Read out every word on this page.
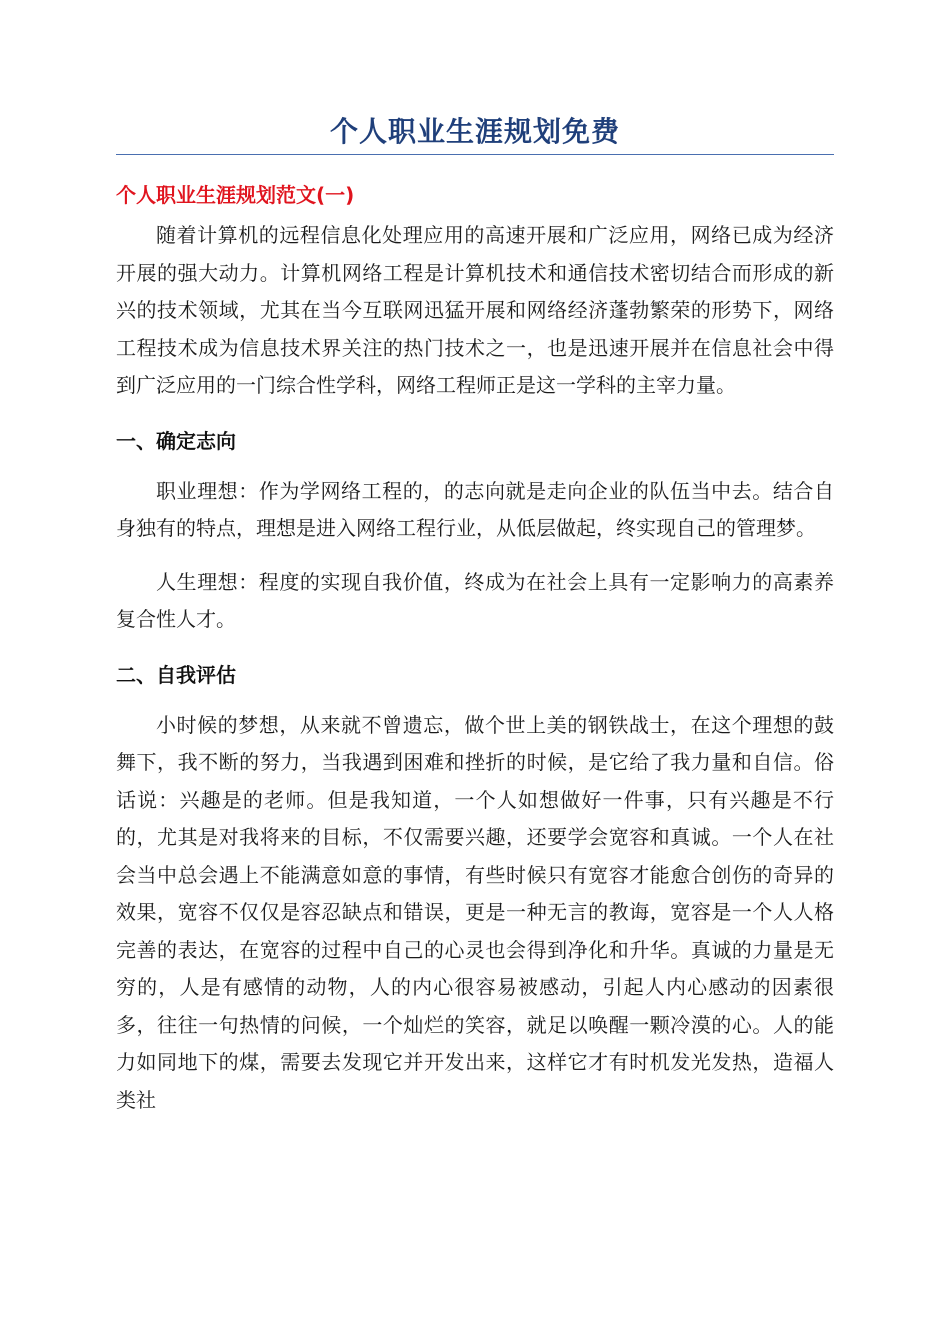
个人职业生涯规划免费
个人职业生涯规划范文(一)

随着计算机的远程信息化处理应用的高速开展和广泛应用，网络已成为经济开展的强大动力。计算机网络工程是计算机技术和通信技术密切结合而形成的新兴的技术领域，尤其在当今互联网迅猛开展和网络经济蓬勃繁荣的形势下，网络工程技术成为信息技术界关注的热门技术之一，也是迅速开展并在信息社会中得到广泛应用的一门综合性学科，网络工程师正是这一学科的主宰力量。

一、确定志向

职业理想：作为学网络工程的，的志向就是走向企业的队伍当中去。结合自身独有的特点，理想是进入网络工程行业，从低层做起，终实现自己的管理梦。

人生理想：程度的实现自我价值，终成为在社会上具有一定影响力的高素养复合性人才。

二、自我评估

小时候的梦想，从来就不曾遗忘，做个世上美的钢铁战士，在这个理想的鼓舞下，我不断的努力，当我遇到困难和挫折的时候，是它给了我力量和自信。俗话说：兴趣是的老师。但是我知道，一个人如想做好一件事，只有兴趣是不行的，尤其是对我将来的目标，不仅需要兴趣，还要学会宽容和真诚。一个人在社会当中总会遇上不能满意如意的事情，有些时候只有宽容才能愈合创伤的奇异的效果，宽容不仅仅是容忍缺点和错误，更是一种无言的教诲，宽容是一个人人格完善的表达，在宽容的过程中自己的心灵也会得到净化和升华。真诚的力量是无穷的，人是有感情的动物，人的内心很容易被感动，引起人内心感动的因素很多，往往一句热情的问候，一个灿烂的笑容，就足以唤醒一颗冷漠的心。人的能力如同地下的煤，需要去发现它并开发出来，这样它才有时机发光发热，造福人类社
